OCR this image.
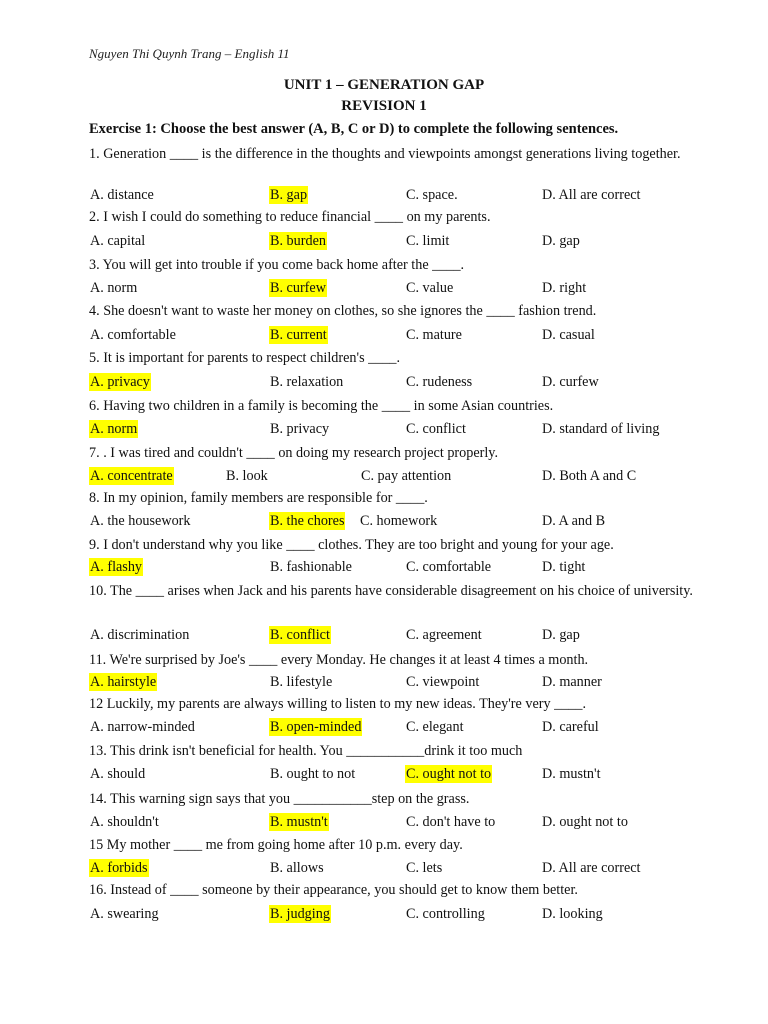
Nguyen Thi Quynh Trang – English 11
UNIT 1 – GENERATION GAP
REVISION 1
Exercise 1: Choose the best answer (A, B, C or D) to complete the following sentences.
1. Generation ____ is the difference in the thoughts and viewpoints amongst generations living together.
A. distance	B. gap	C. space.	D. All are correct
2. I wish I could do something to reduce financial ____ on my parents.
A. capital	B. burden	C. limit	D. gap
3. You will get into trouble if you come back home after the ____.
A. norm	B. curfew	C. value	D. right
4. She doesn't want to waste her money on clothes, so she ignores the ____ fashion trend.
A. comfortable	B. current	C. mature	D. casual
5. It is important for parents to respect children's ____.
A. privacy	B. relaxation	C. rudeness	D. curfew
6. Having two children in a family is becoming the ____ in some Asian countries.
A. norm	B. privacy	C. conflict	D. standard of living
7. . I was tired and couldn't ____ on doing my research project properly.
A. concentrate	B. look	C. pay attention	D. Both A and C
8. In my opinion, family members are responsible for ____.
A. the housework	B. the chores C. homework	D. A and B
9. I don't understand why you like ____ clothes. They are too bright and young for your age.
A. flashy	B. fashionable	C. comfortable	D. tight
10. The ____ arises when Jack and his parents have considerable disagreement on his choice of university.
A. discrimination	B. conflict	C. agreement	D. gap
11. We're surprised by Joe's ____ every Monday. He changes it at least 4 times a month.
A. hairstyle	B. lifestyle	C. viewpoint	D. manner
12 Luckily, my parents are always willing to listen to my new ideas. They're very ____.
A. narrow-minded	B. open-minded	C. elegant	D. careful
13. This drink isn't beneficial for health. You ___________drink it too much
A. should	B. ought to not	C. ought not to	D. mustn't
14. This warning sign says that you ___________step on the grass.
A. shouldn't	B. mustn't	C. don't have to	D. ought not to
15 My mother ____ me from going home after 10 p.m. every day.
A. forbids	B. allows	C. lets	D. All are correct
16. Instead of ____ someone by their appearance, you should get to know them better.
A. swearing	B. judging	C. controlling	D. looking
